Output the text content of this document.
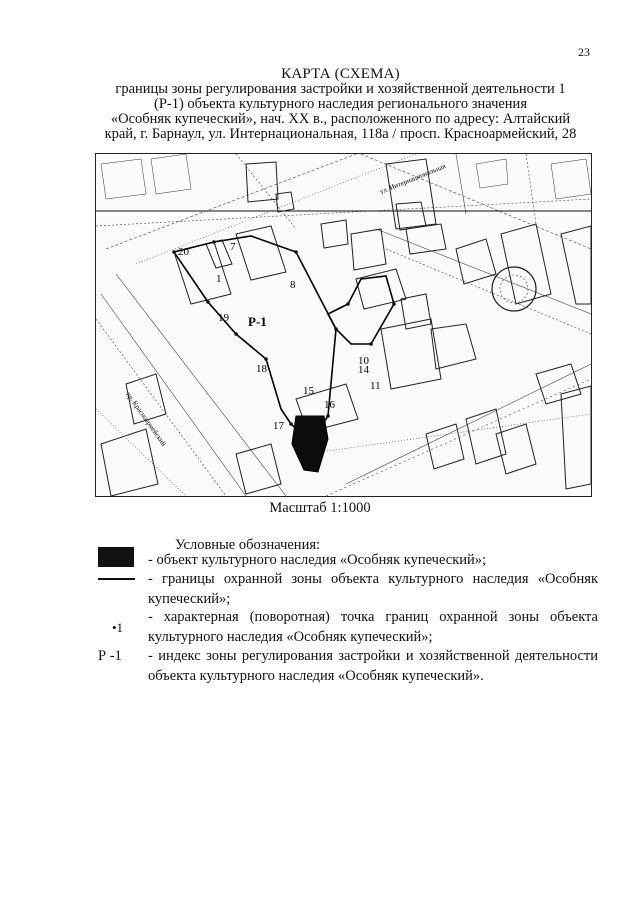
23
КАРТА (СХЕМА)
границы зоны регулирования застройки и хозяйственной деятельности 1
(Р-1) объекта культурного наследия регионального значения
«Особняк купеческий», нач. XX в., расположенного по адресу: Алтайский
край, г. Барнаул, ул. Интернациональная, 118а / просп. Красноармейский, 28
Р-1
20	7
8
19
18
17
14
15
16
11
10
1
ул. Интернациональная
пр. Красноармейский
Масштаб 1:1000
Условные обозначения:
- объект культурного наследия «Особняк купеческий»;
- границы охранной зоны объекта культурного наследия «Особняк купеческий»;
•1
- характерная (поворотная) точка границ охранной зоны объекта культурного наследия «Особняк купеческий»;
Р -1 - индекс зоны регулирования застройки и хозяйственной деятельности объекта культурного наследия «Особняк купеческий».
